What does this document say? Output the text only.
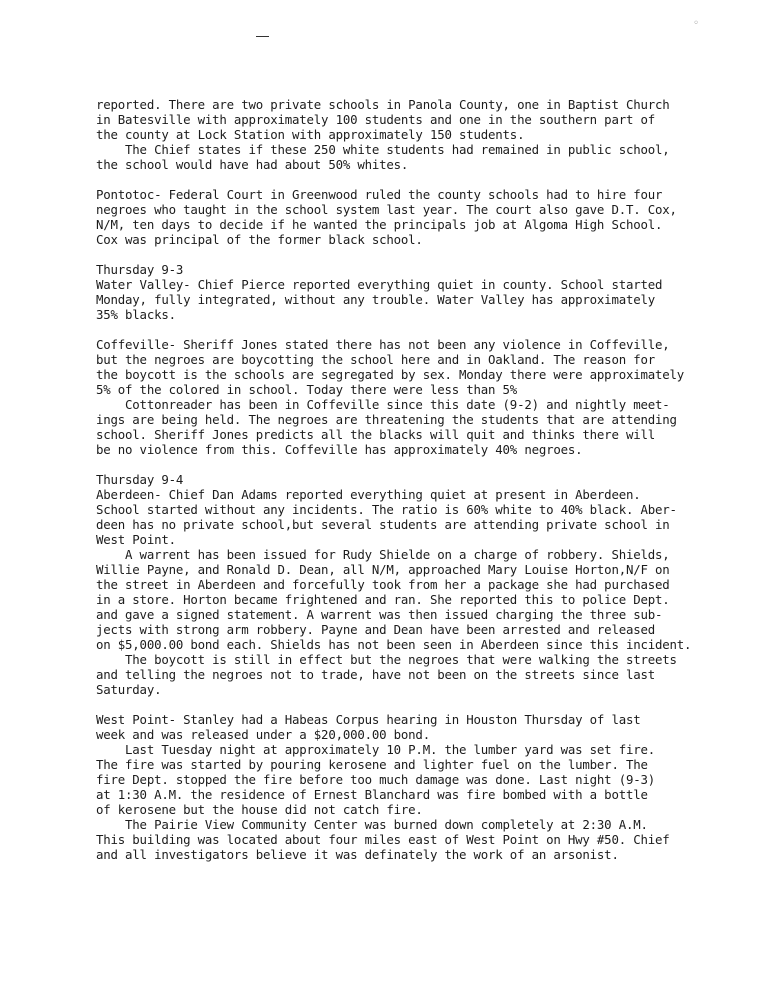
◦
reported. There are two private schools in Panola County, one in Baptist Church
in Batesville with approximately 100 students and one in the southern part of
the county at Lock Station with approximately 150 students.
The Chief states if these 250 white students had remained in public school,
the school would have had about 50% whites.
Pontotoc- Federal Court in Greenwood ruled the county schools had to hire four
negroes who taught in the school system last year. The court also gave D.T. Cox,
N/M, ten days to decide if he wanted the principals job at Algoma High School.
Cox was principal of the former black school.
Thursday 9-3
Water Valley- Chief Pierce reported everything quiet in county. School started
Monday, fully integrated, without any trouble. Water Valley has approximately
35% blacks.
Coffeville- Sheriff Jones stated there has not been any violence in Coffeville,
but the negroes are boycotting the school here and in Oakland. The reason for
the boycott is the schools are segregated by sex. Monday there were approximately
5% of the colored in school. Today there were less than 5%
Cottonreader has been in Coffeville since this date (9-2) and nightly meet-
ings are being held. The negroes are threatening the students that are attending
school. Sheriff Jones predicts all the blacks will quit and thinks there will
be no violence from this. Coffeville has approximately 40% negroes.
Thursday 9-4
Aberdeen- Chief Dan Adams reported everything quiet at present in Aberdeen.
School started without any incidents. The ratio is 60% white to 40% black. Aber-
deen has no private school,but several students are attending private school in
West Point.
A warrent has been issued for Rudy Shielde on a charge of robbery. Shields,
Willie Payne, and Ronald D. Dean, all N/M, approached Mary Louise Horton,N/F on
the street in Aberdeen and forcefully took from her a package she had purchased
in a store. Horton became frightened and ran. She reported this to police Dept.
and gave a signed statement. A warrent was then issued charging the three sub-
jects with strong arm robbery. Payne and Dean have been arrested and released
on $5,000.00 bond each. Shields has not been seen in Aberdeen since this incident.
The boycott is still in effect but the negroes that were walking the streets
and telling the negroes not to trade, have not been on the streets since last
Saturday.
West Point- Stanley had a Habeas Corpus hearing in Houston Thursday of last
week and was released under a $20,000.00 bond.
Last Tuesday night at approximately 10 P.M. the lumber yard was set fire.
The fire was started by pouring kerosene and lighter fuel on the lumber. The
fire Dept. stopped the fire before too much damage was done. Last night (9-3)
at 1:30 A.M. the residence of Ernest Blanchard was fire bombed with a bottle
of kerosene but the house did not catch fire.
The Pairie View Community Center was burned down completely at 2:30 A.M.
This building was located about four miles east of West Point on Hwy #50. Chief
and all investigators believe it was definately the work of an arsonist.
